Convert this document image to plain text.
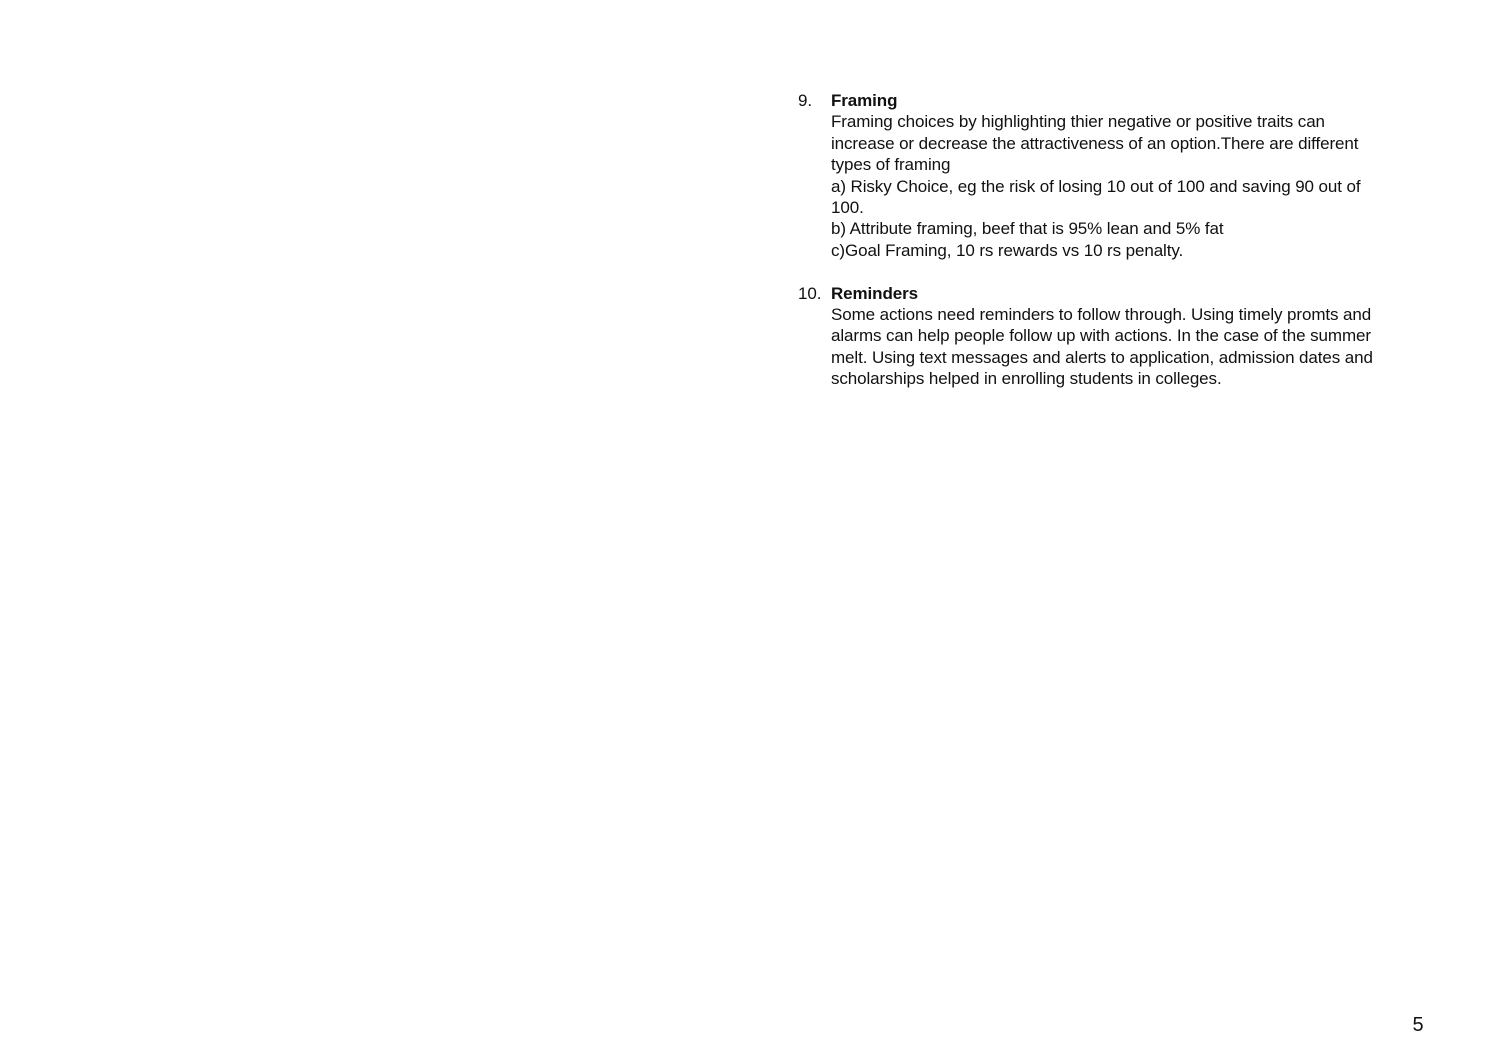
9.	Framing
Framing choices by highlighting thier negative or positive traits can
increase or decrease the attractiveness of an option.There are different
types of framing
a) Risky Choice, eg the risk of losing 10 out of 100 and saving 90 out of
100.
b) Attribute framing, beef that is 95% lean and 5% fat
c)Goal Framing, 10 rs rewards vs 10 rs penalty.
10. Reminders
Some actions need reminders to follow through. Using timely promts and
alarms can help people follow up with actions. In the case of the summer
melt. Using text messages and alerts to application, admission dates and
scholarships helped in enrolling students in colleges.
5
